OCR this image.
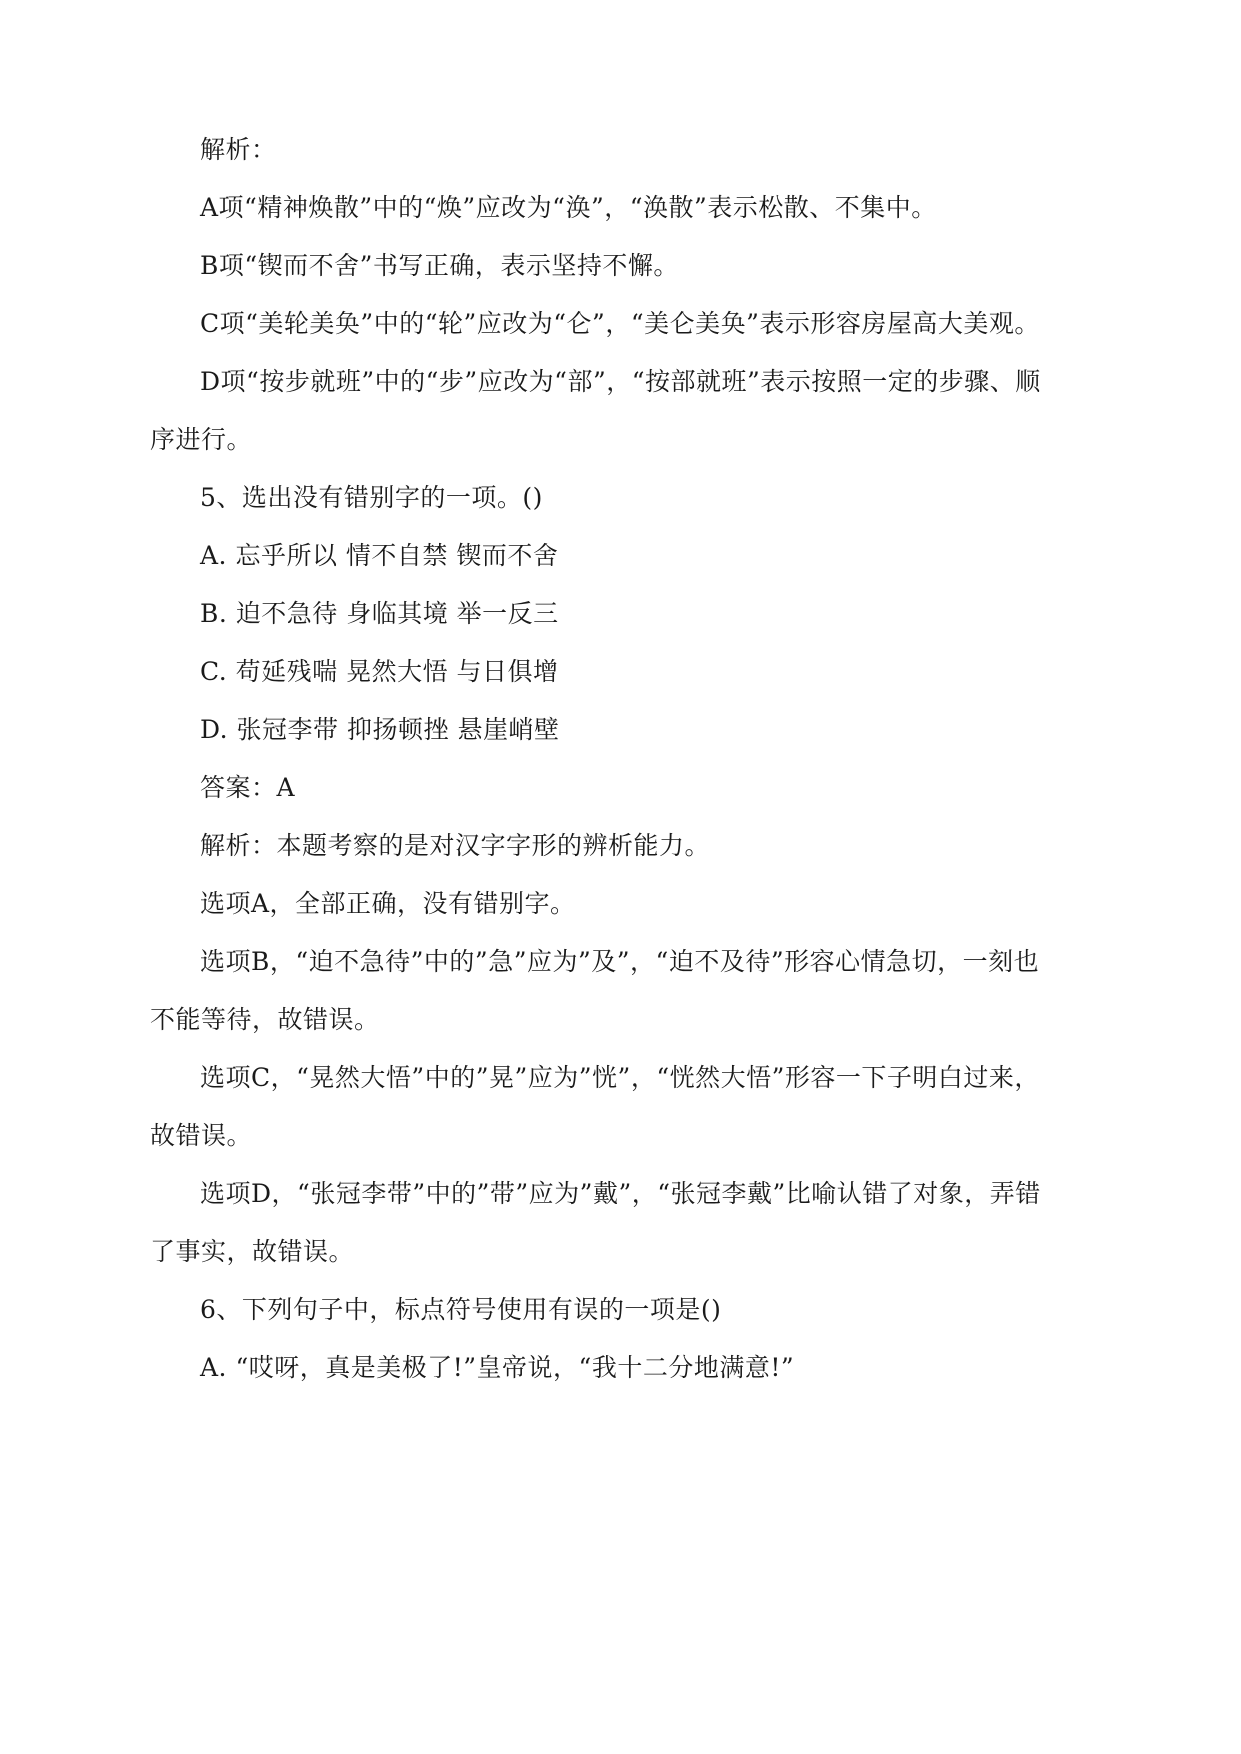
解析：
A项“精神焕散”中的“焕”应改为“涣”，“涣散”表示松散、不集中。
B项“锲而不舍”书写正确，表示坚持不懈。
C项“美轮美奂”中的“轮”应改为“仑”，“美仑美奂”表示形容房屋高大美观。
D项“按步就班”中的“步”应改为“部”，“按部就班”表示按照一定的步骤、顺
序进行。
5、选出没有错别字的一项。()
A. 忘乎所以 情不自禁 锲而不舍
B. 迫不急待 身临其境 举一反三
C. 苟延残喘 晃然大悟 与日俱增
D. 张冠李带 抑扬顿挫 悬崖峭壁
答案：A
解析：本题考察的是对汉字字形的辨析能力。
选项A，全部正确，没有错别字。
选项B，“迫不急待”中的”急”应为”及”，“迫不及待”形容心情急切，一刻也
不能等待，故错误。
选项C，“晃然大悟”中的”晃”应为”恍”，“恍然大悟”形容一下子明白过来，
故错误。
选项D，“张冠李带”中的”带”应为”戴”，“张冠李戴”比喻认错了对象，弄错
了事实，故错误。
6、下列句子中，标点符号使用有误的一项是()
A. “哎呀，真是美极了!”皇帝说，“我十二分地满意!”
